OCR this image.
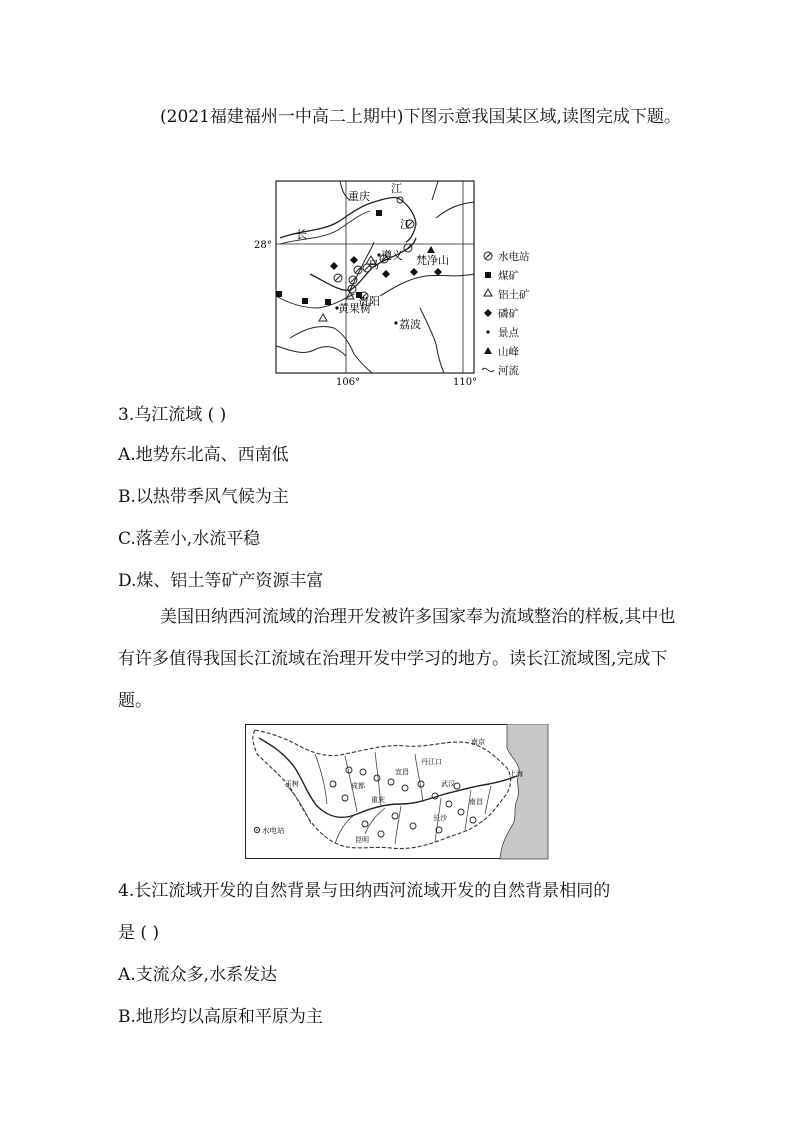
(2021福建福州一中高二上期中)下图示意我国某区域,读图完成下题。
重庆
江
江
长
遵义 梵净山
乌
贵阳
黄果树
荔波
28°
106°	110°
水电站
煤矿
铝土矿
磷矿
景点
山峰
河流
3.乌江流域 ( )
A.地势东北高、西南低
B.以热带季风气候为主
C.落差小,水流平稳
D.煤、铝土等矿产资源丰富
美国田纳西河流域的治理开发被许多国家奉为流域整治的样板,其中也有许多值得我国长江流域在治理开发中学习的地方。读长江流域图,完成下题。
玉树
南京
上海
宜昌
丹江口
武汉
重庆
成都
昆明
长沙
南昌
水电站
4.长江流域开发的自然背景与田纳西河流域开发的自然背景相同的
是 ( )
A.支流众多,水系发达
B.地形均以高原和平原为主
